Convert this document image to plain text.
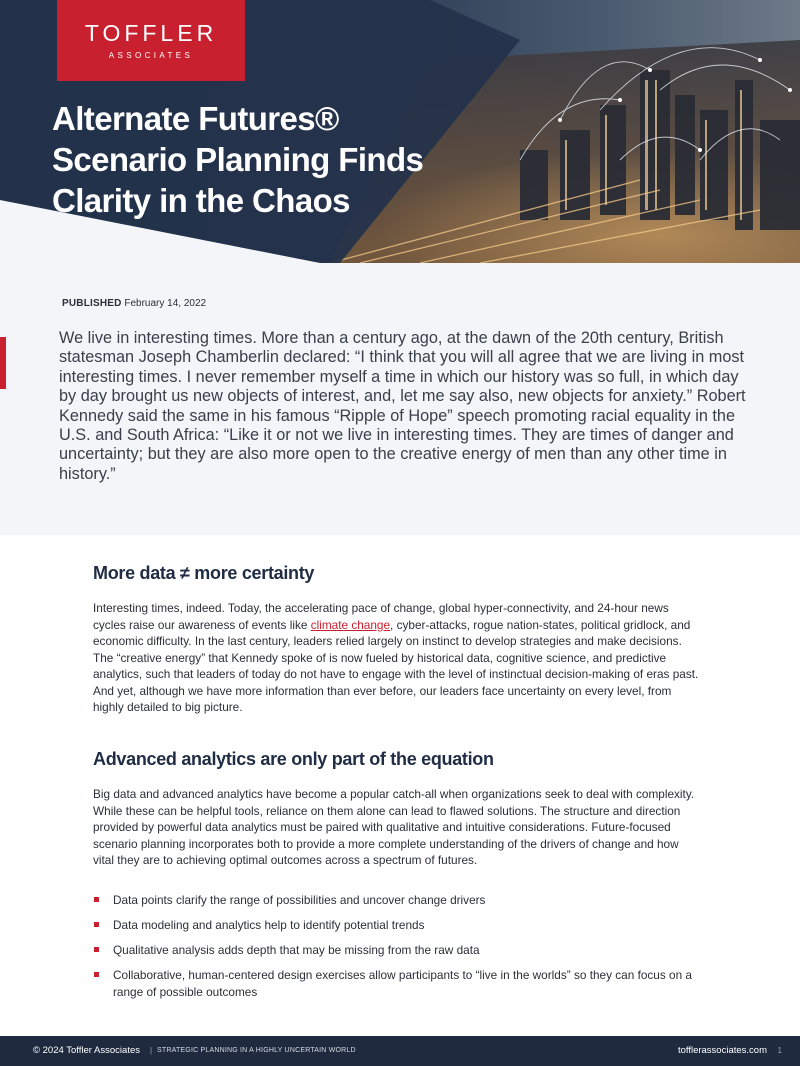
TOFFLER
ASSOCIATES
Alternate Futures®
Scenario Planning Finds
Clarity in the Chaos
PUBLISHED February 14, 2022

We live in interesting times. More than a century ago, at the dawn of the 20th century, British statesman Joseph Chamberlin declared: “I think that you will all agree that we are living in most interesting times. I never remember myself a time in which our history was so full, in which day by day brought us new objects of interest, and, let me say also, new objects for anxiety.” Robert Kennedy said the same in his famous “Ripple of Hope” speech promoting racial equality in the U.S. and South Africa: “Like it or not we live in interesting times. They are times of danger and uncertainty; but they are also more open to the creative energy of men than any other time in history.”

More data ≠ more certainty

Interesting times, indeed. Today, the accelerating pace of change, global hyper-connectivity, and 24-hour news cycles raise our awareness of events like climate change, cyber-attacks, rogue nation-states, political gridlock, and economic difficulty. In the last century, leaders relied largely on instinct to develop strategies and make decisions. The “creative energy” that Kennedy spoke of is now fueled by historical data, cognitive science, and predictive analytics, such that leaders of today do not have to engage with the level of instinctual decision-making of eras past. And yet, although we have more information than ever before, our leaders face uncertainty on every level, from highly detailed to big picture.

Advanced analytics are only part of the equation

Big data and advanced analytics have become a popular catch-all when organizations seek to deal with complexity. While these can be helpful tools, reliance on them alone can lead to flawed solutions. The structure and direction provided by powerful data analytics must be paired with qualitative and intuitive considerations. Future-focused scenario planning incorporates both to provide a more complete understanding of the drivers of change and how vital they are to achieving optimal outcomes across a spectrum of futures.

Data points clarify the range of possibilities and uncover change drivers
Data modeling and analytics help to identify potential trends
Qualitative analysis adds depth that may be missing from the raw data
Collaborative, human-centered design exercises allow participants to “live in the worlds” so they can focus on a range of possible outcomes
© 2024 Toffler Associates | STRATEGIC PLANNING IN A HIGHLY UNCERTAIN WORLD	tofflerassociates.com 1
